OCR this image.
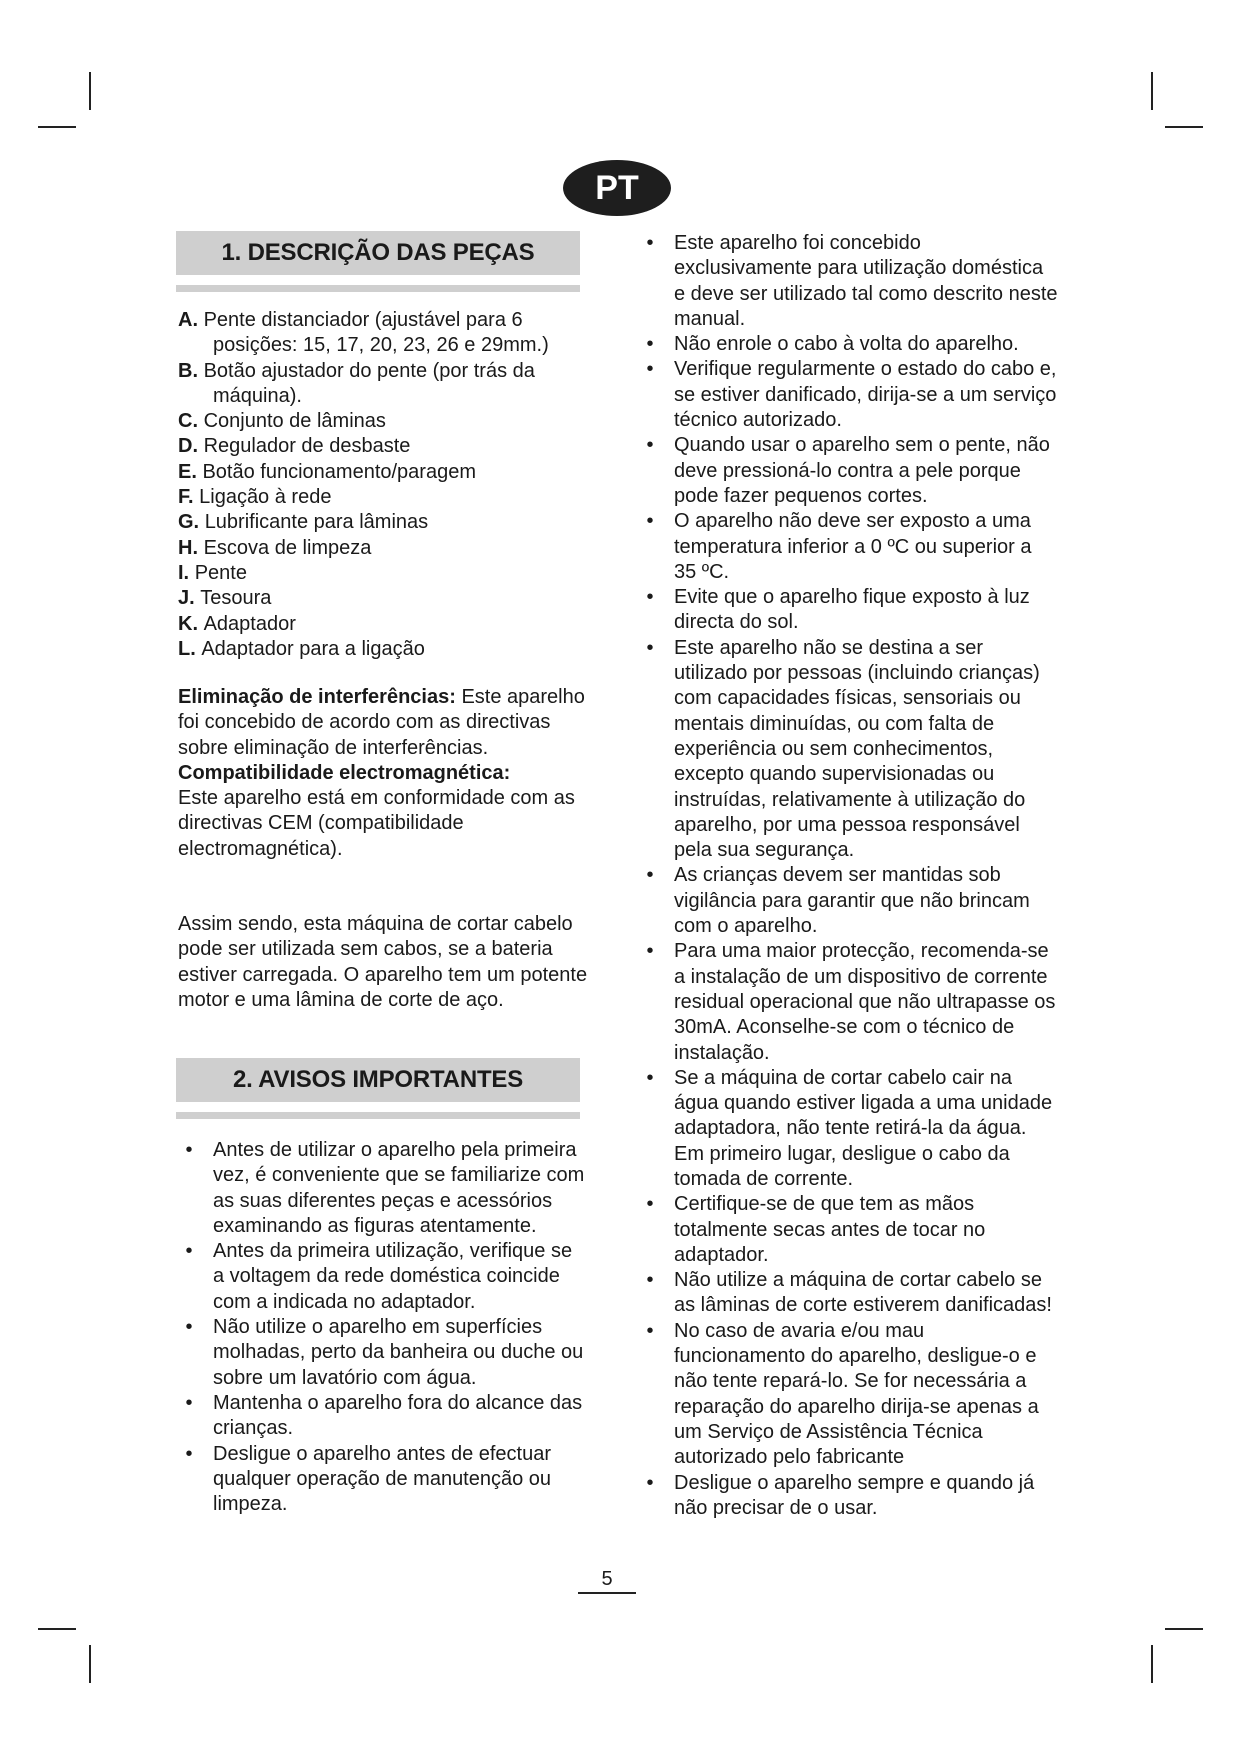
PT
1. DESCRIÇÃO DAS PEÇAS
A. Pente distanciador (ajustável para 6 posições: 15, 17, 20, 23, 26 e 29mm.)
B. Botão ajustador do pente (por trás da máquina).
C. Conjunto de lâminas
D. Regulador de desbaste
E. Botão funcionamento/paragem
F. Ligação à rede
G. Lubrificante para lâminas
H. Escova de limpeza
I. Pente
J. Tesoura
K. Adaptador
L. Adaptador para a ligação

Eliminação de interferências: Este aparelho foi concebido de acordo com as directivas sobre eliminação de interferências.

Compatibilidade electromagnética:
Este aparelho está em conformidade com as directivas CEM (compatibilidade electromagnética).

Assim sendo, esta máquina de cortar cabelo pode ser utilizada sem cabos, se a bateria estiver carregada. O aparelho tem um potente motor e uma lâmina de corte de aço.

2. AVISOS IMPORTANTES
•	Antes de utilizar o aparelho pela primeira vez, é conveniente que se familiarize com as suas diferentes peças e acessórios examinando as figuras atentamente.
•	Antes da primeira utilização, verifique se a voltagem da rede doméstica coincide com a indicada no adaptador.
•	Não utilize o aparelho em superfícies molhadas, perto da banheira ou duche ou sobre um lavatório com água.
•	Mantenha o aparelho fora do alcance das crianças.
•	Desligue o aparelho antes de efectuar qualquer operação de manutenção ou limpeza.
•	Este aparelho foi concebido exclusivamente para utilização doméstica e deve ser utilizado tal como descrito neste manual.
•	Não enrole o cabo à volta do aparelho.
•	Verifique regularmente o estado do cabo e, se estiver danificado, dirija-se a um serviço técnico autorizado.
•	Quando usar o aparelho sem o pente, não deve pressioná-lo contra a pele porque pode fazer pequenos cortes.
•	O aparelho não deve ser exposto a uma temperatura inferior a 0 ºC ou superior a 35 ºC.
•	Evite que o aparelho fique exposto à luz directa do sol.
•	Este aparelho não se destina a ser utilizado por pessoas (incluindo crianças) com capacidades físicas, sensoriais ou mentais diminuídas, ou com falta de experiência ou sem conhecimentos, excepto quando supervisionadas ou instruídas, relativamente à utilização do aparelho, por uma pessoa responsável pela sua segurança.
•	As crianças devem ser mantidas sob vigilância para garantir que não brincam com o aparelho.
•	Para uma maior protecção, recomenda-se a instalação de um dispositivo de corrente residual operacional que não ultrapasse os 30mA. Aconselhe-se com o técnico de instalação.
•	Se a máquina de cortar cabelo cair na água quando estiver ligada a uma unidade adaptadora, não tente retirá-la da água. Em primeiro lugar, desligue o cabo da tomada de corrente.
•	Certifique-se de que tem as mãos totalmente secas antes de tocar no adaptador.
•	Não utilize a máquina de cortar cabelo se as lâminas de corte estiverem danificadas!
•	No caso de avaria e/ou mau funcionamento do aparelho, desligue-o e não tente repará-lo. Se for necessária a reparação do aparelho dirija-se apenas a um Serviço de Assistência Técnica autorizado pelo fabricante
•	Desligue o aparelho sempre e quando já não precisar de o usar.
5
